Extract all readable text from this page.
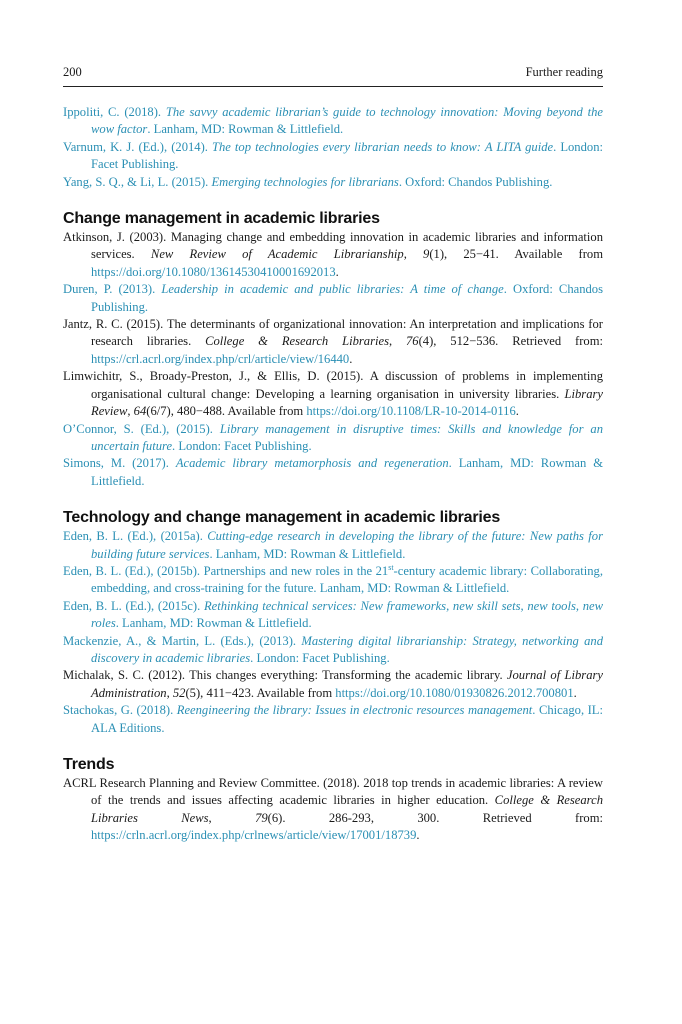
200	Further reading

Ippoliti, C. (2018). The savvy academic librarian’s guide to technology innovation: Moving beyond the wow factor. Lanham, MD: Rowman & Littlefield.

Varnum, K. J. (Ed.), (2014). The top technologies every librarian needs to know: A LITA guide. London: Facet Publishing.

Yang, S. Q., & Li, L. (2015). Emerging technologies for librarians. Oxford: Chandos Publishing.

Change management in academic libraries

Atkinson, J. (2003). Managing change and embedding innovation in academic libraries and information services. New Review of Academic Librarianship, 9(1), 25−41. Available from https://doi.org/10.1080/13614530410001692013.

Duren, P. (2013). Leadership in academic and public libraries: A time of change. Oxford: Chandos Publishing.

Jantz, R. C. (2015). The determinants of organizational innovation: An interpretation and implications for research libraries. College & Research Libraries, 76(4), 512−536. Retrieved from: https://crl.acrl.org/index.php/crl/article/view/16440.

Limwichitr, S., Broady-Preston, J., & Ellis, D. (2015). A discussion of problems in implementing organisational cultural change: Developing a learning organisation in university libraries. Library Review, 64(6/7), 480−488. Available from https://doi.org/10.1108/LR-10-2014-0116.

O’Connor, S. (Ed.), (2015). Library management in disruptive times: Skills and knowledge for an uncertain future. London: Facet Publishing.

Simons, M. (2017). Academic library metamorphosis and regeneration. Lanham, MD: Rowman & Littlefield.

Technology and change management in academic libraries

Eden, B. L. (Ed.), (2015a). Cutting-edge research in developing the library of the future: New paths for building future services. Lanham, MD: Rowman & Littlefield.

Eden, B. L. (Ed.), (2015b). Partnerships and new roles in the 21st-century academic library: Collaborating, embedding, and cross-training for the future. Lanham, MD: Rowman & Littlefield.

Eden, B. L. (Ed.), (2015c). Rethinking technical services: New frameworks, new skill sets, new tools, new roles. Lanham, MD: Rowman & Littlefield.

Mackenzie, A., & Martin, L. (Eds.), (2013). Mastering digital librarianship: Strategy, networking and discovery in academic libraries. London: Facet Publishing.

Michalak, S. C. (2012). This changes everything: Transforming the academic library. Journal of Library Administration, 52(5), 411−423. Available from https://doi.org/10.1080/01930826.2012.700801.

Stachokas, G. (2018). Reengineering the library: Issues in electronic resources management. Chicago, IL: ALA Editions.

Trends

ACRL Research Planning and Review Committee. (2018). 2018 top trends in academic libraries: A review of the trends and issues affecting academic libraries in higher education. College & Research Libraries News, 79(6). 286-293, 300. Retrieved from: https://crln.acrl.org/index.php/crlnews/article/view/17001/18739.
